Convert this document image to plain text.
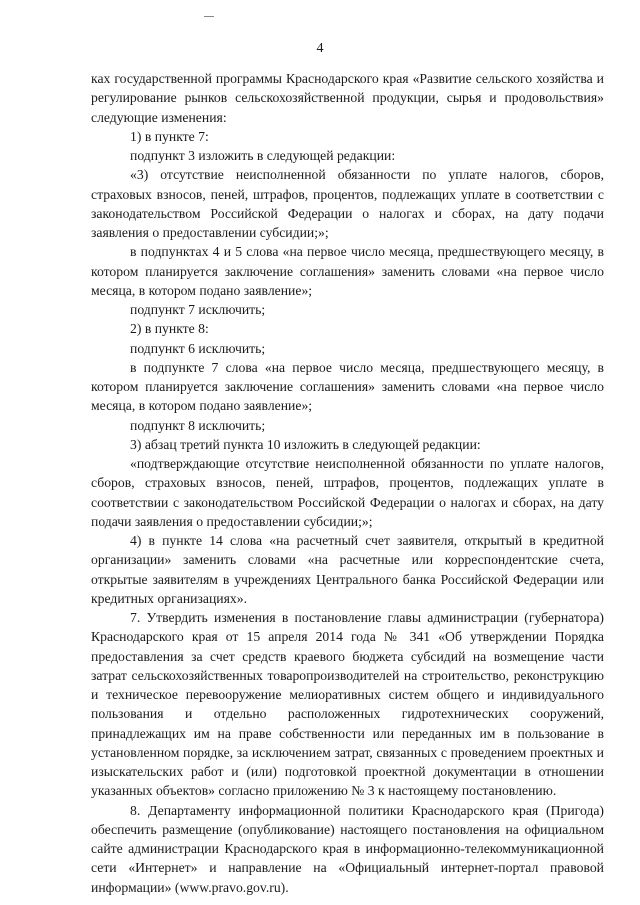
4

ках государственной программы Краснодарского края «Развитие сельского хозяйства и регулирование рынков сельскохозяйственной продукции, сырья и продовольствия» следующие изменения:

1) в пункте 7:

подпункт 3 изложить в следующей редакции:

«3) отсутствие неисполненной обязанности по уплате налогов, сборов, страховых взносов, пеней, штрафов, процентов, подлежащих уплате в соответствии с законодательством Российской Федерации о налогах и сборах, на дату подачи заявления о предоставлении субсидии;»;

в подпунктах 4 и 5 слова «на первое число месяца, предшествующего месяцу, в котором планируется заключение соглашения» заменить словами «на первое число месяца, в котором подано заявление»;

подпункт 7 исключить;

2) в пункте 8:

подпункт 6 исключить;

в подпункте 7 слова «на первое число месяца, предшествующего месяцу, в котором планируется заключение соглашения» заменить словами «на первое число месяца, в котором подано заявление»;

подпункт 8 исключить;

3) абзац третий пункта 10 изложить в следующей редакции:

«подтверждающие отсутствие неисполненной обязанности по уплате налогов, сборов, страховых взносов, пеней, штрафов, процентов, подлежащих уплате в соответствии с законодательством Российской Федерации о налогах и сборах, на дату подачи заявления о предоставлении субсидии;»;

4) в пункте 14 слова «на расчетный счет заявителя, открытый в кредитной организации» заменить словами «на расчетные или корреспондентские счета, открытые заявителям в учреждениях Центрального банка Российской Федерации или кредитных организациях».

7. Утвердить изменения в постановление главы администрации (губернатора) Краснодарского края от 15 апреля 2014 года № 341 «Об утверждении Порядка предоставления за счет средств краевого бюджета субсидий на возмещение части затрат сельскохозяйственных товаропроизводителей на строительство, реконструкцию и техническое перевооружение мелиоративных систем общего и индивидуального пользования и отдельно расположенных гидротехнических сооружений, принадлежащих им на праве собственности или переданных им в пользование в установленном порядке, за исключением затрат, связанных с проведением проектных и изыскательских работ и (или) подготовкой проектной документации в отношении указанных объектов» согласно приложению № 3 к настоящему постановлению.

8. Департаменту информационной политики Краснодарского края (Пригода) обеспечить размещение (опубликование) настоящего постановления на официальном сайте администрации Краснодарского края в информационно-телекоммуникационной сети «Интернет» и направление на «Официальный интернет-портал правовой информации» (www.pravo.gov.ru).
